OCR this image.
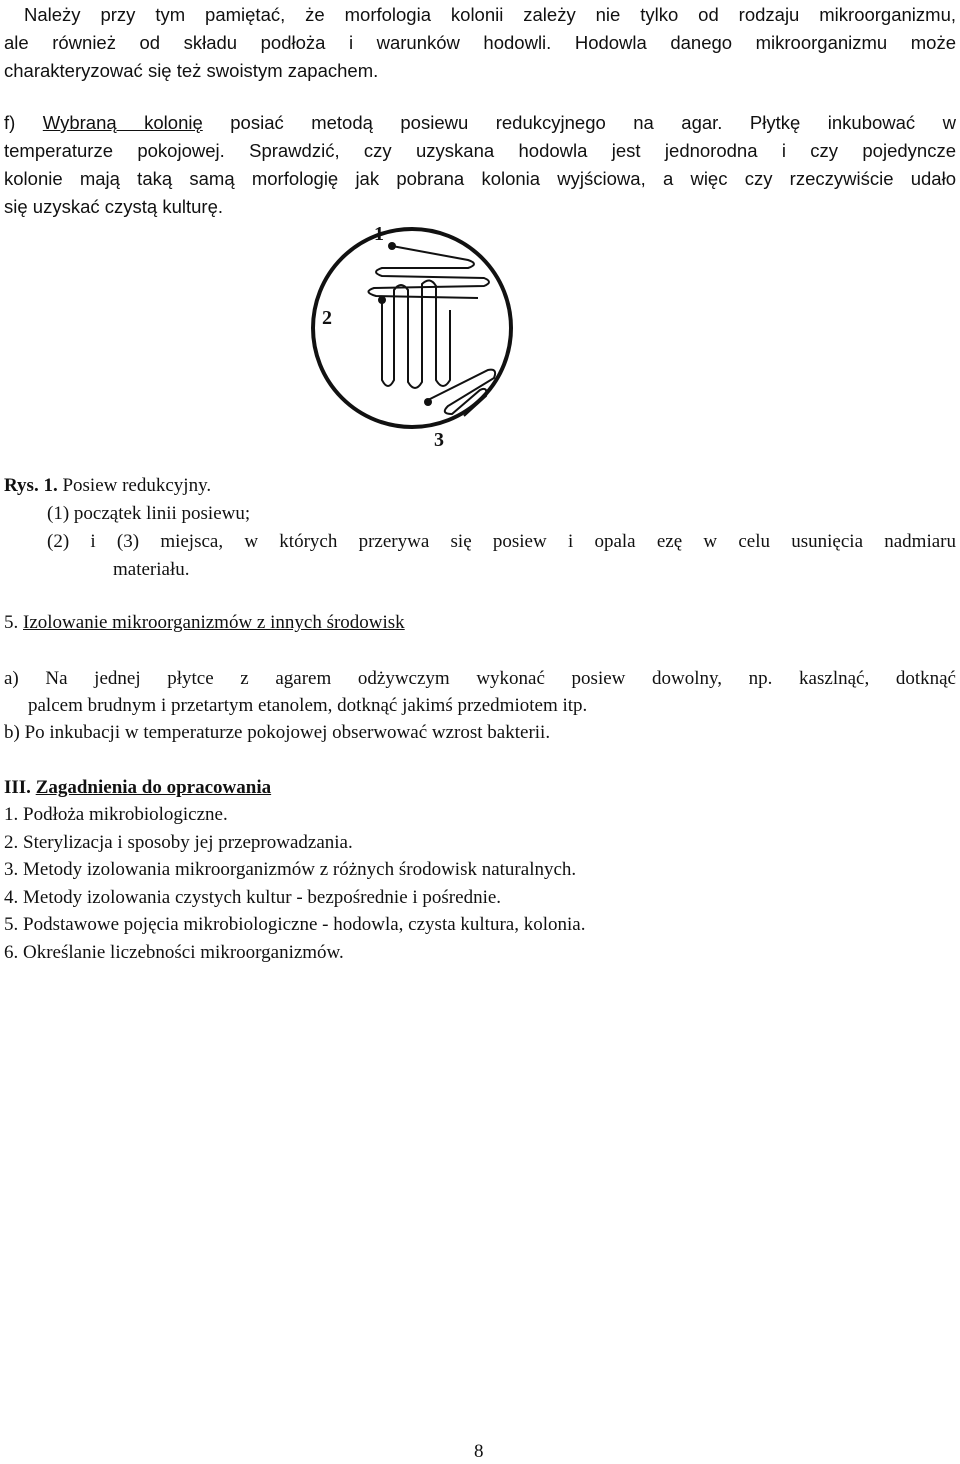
Należy przy tym pamiętać, że morfologia kolonii zależy nie tylko od rodzaju mikroorganizmu,
ale również od składu podłoża i warunków hodowli. Hodowla danego mikroorganizmu może
charakteryzować się też swoistym zapachem.
f) Wybraną kolonię posiać metodą posiewu redukcyjnego na agar. Płytkę inkubować w
temperaturze pokojowej. Sprawdzić, czy uzyskana hodowla jest jednorodna i czy pojedyncze
kolonie mają taką samą morfologię jak pobrana kolonia wyjściowa, a więc czy rzeczywiście udało
się uzyskać czystą kulturę.
1
2
3
Rys. 1. Posiew redukcyjny.
(1) początek linii posiewu;
(2) i (3) miejsca, w których przerywa się posiew i opala ezę w celu usunięcia nadmiaru
materiału.
5. Izolowanie mikroorganizmów z innych środowisk
a) Na jednej płytce z agarem odżywczym wykonać posiew dowolny, np. kaszlnąć, dotknąć
palcem brudnym i przetartym etanolem, dotknąć jakimś przedmiotem itp.
b) Po inkubacji w temperaturze pokojowej obserwować wzrost bakterii.
III. Zagadnienia do opracowania
1. Podłoża mikrobiologiczne.
2. Sterylizacja i sposoby jej przeprowadzania.
3. Metody izolowania mikroorganizmów z różnych środowisk naturalnych.
4. Metody izolowania czystych kultur - bezpośrednie i pośrednie.
5. Podstawowe pojęcia mikrobiologiczne - hodowla, czysta kultura, kolonia.
6. Określanie liczebności mikroorganizmów.
8
